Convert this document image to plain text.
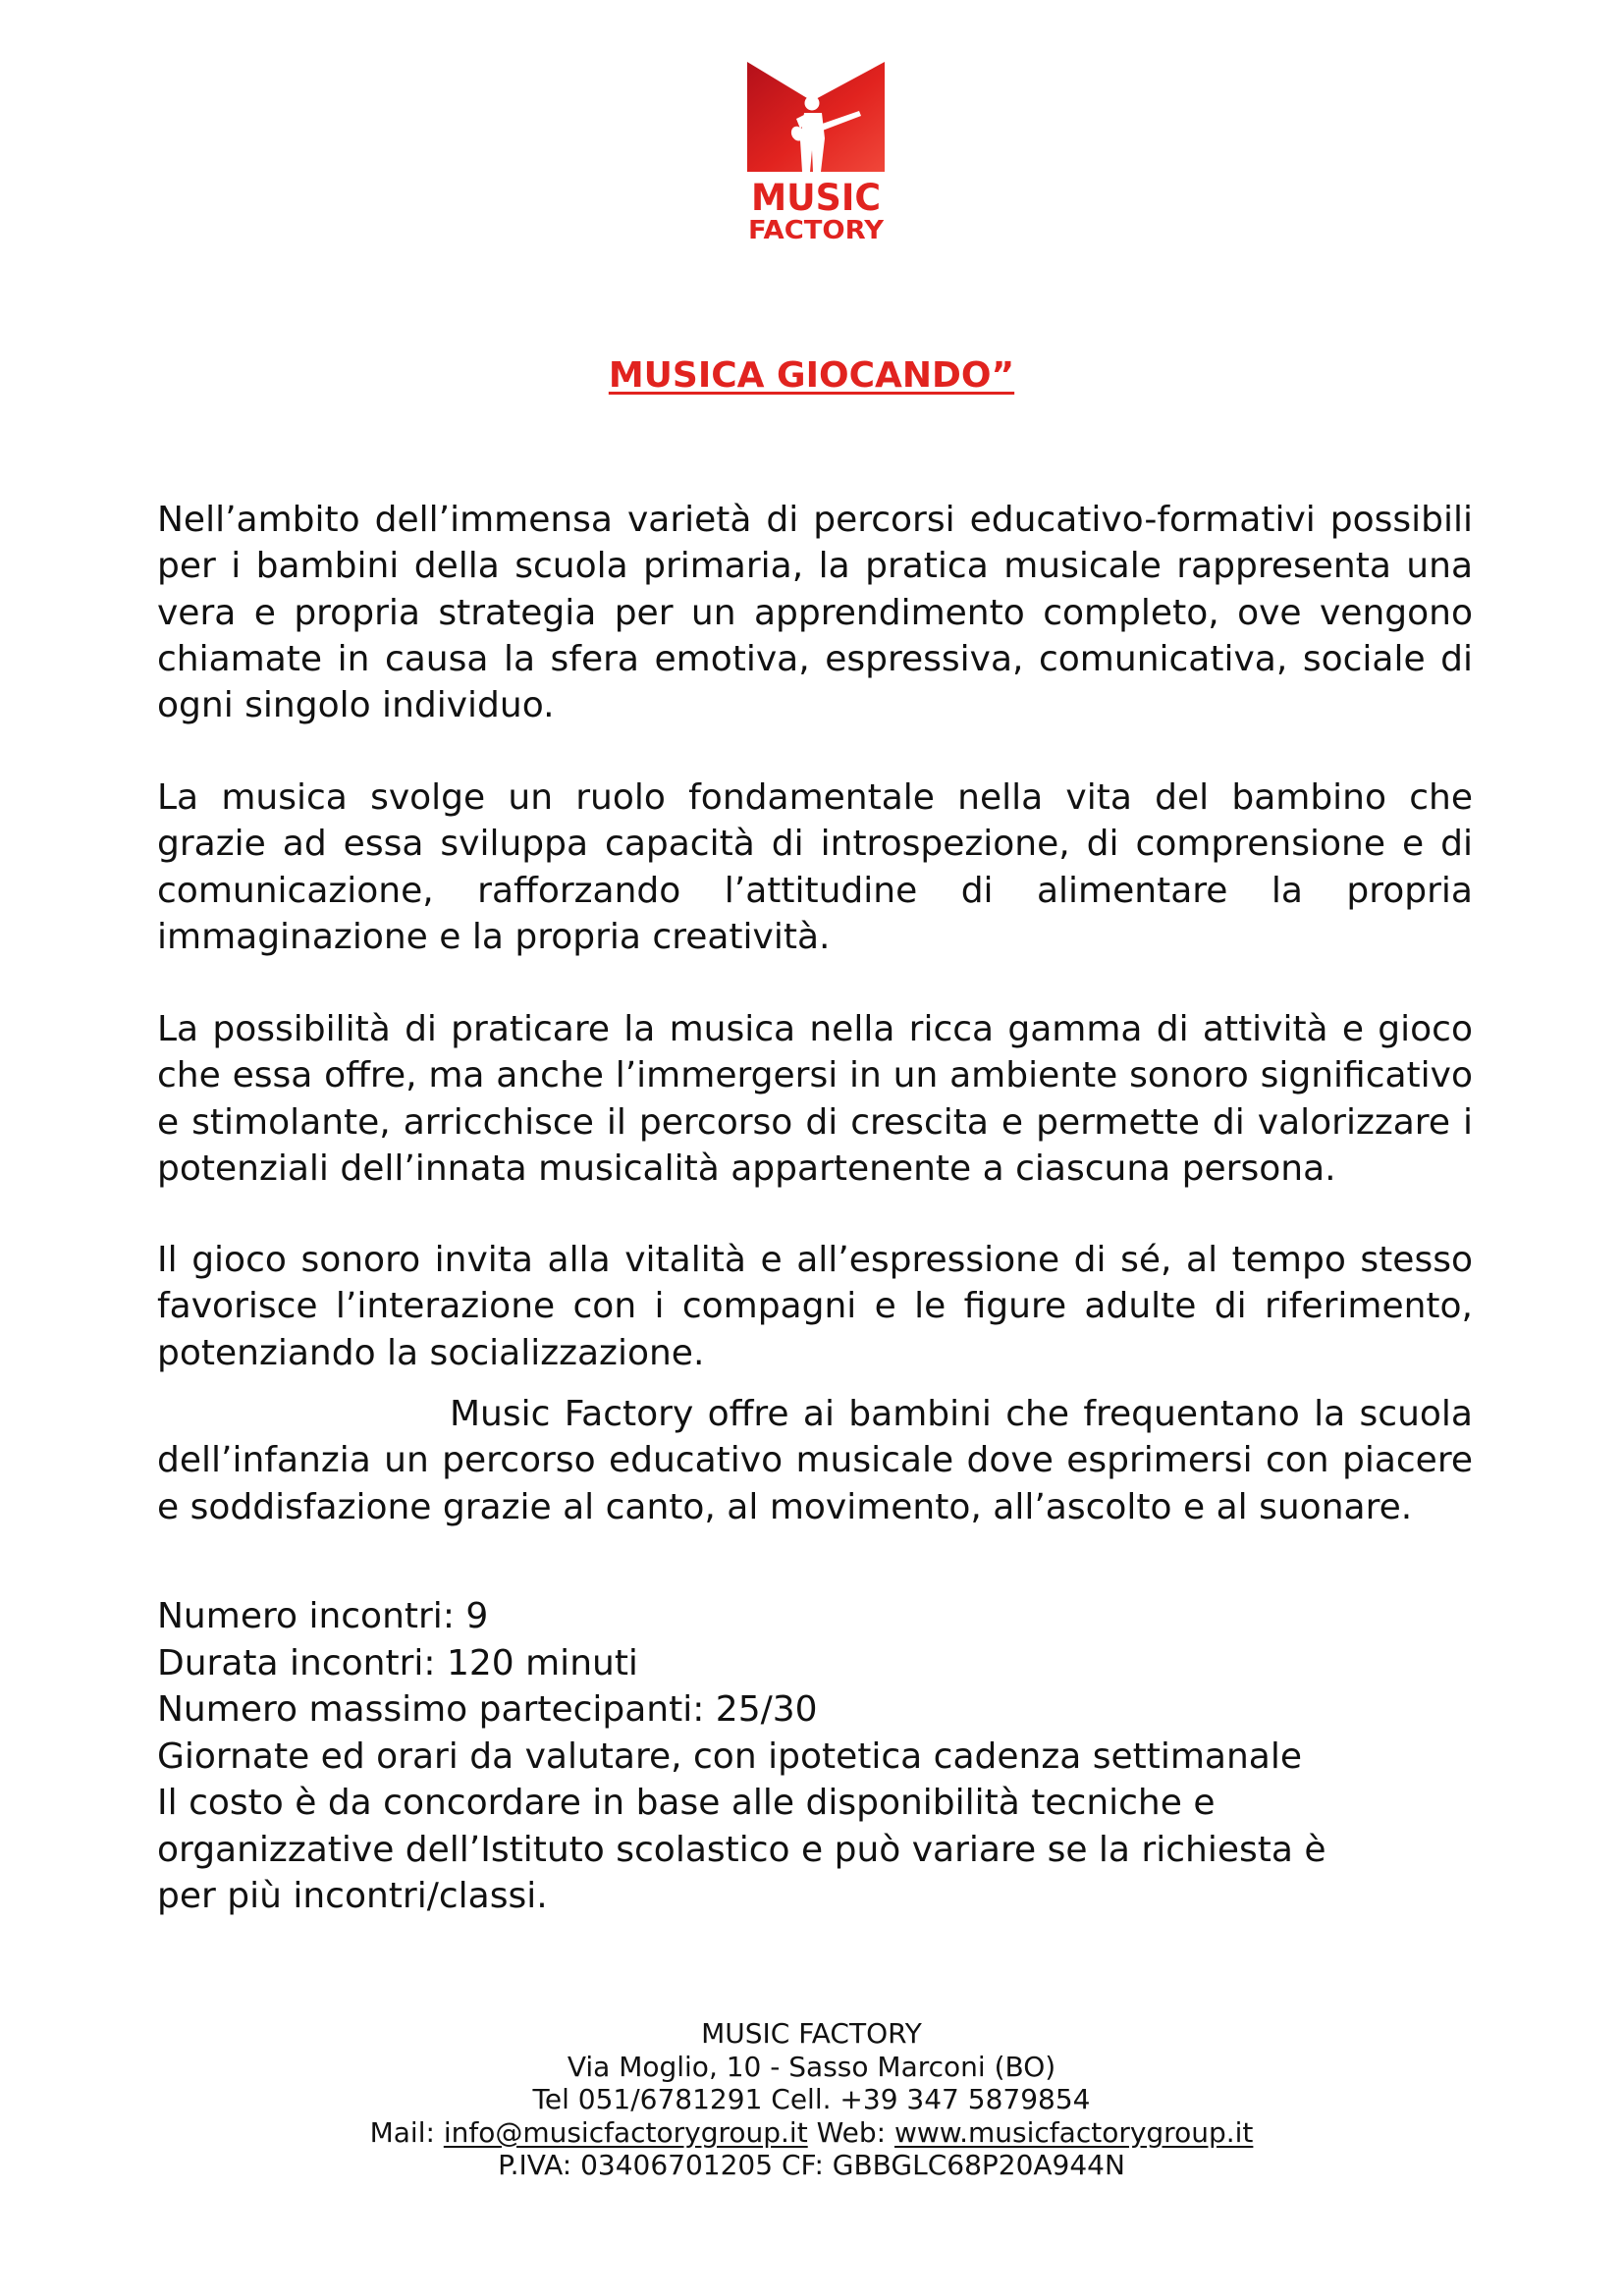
MUSIC
FACTORY
MUSICA GIOCANDO”

Nell’ambito dell’immensa varietà di percorsi educativo-formativi possibili per i bambini della scuola primaria, la pratica musicale rappresenta una vera e propria strategia per un apprendimento completo, ove vengono chiamate in causa la sfera emotiva, espressiva, comunicativa, sociale di ogni singolo individuo.

La musica svolge un ruolo fondamentale nella vita del bambino che grazie ad essa sviluppa capacità di introspezione, di comprensione e di comunicazione, rafforzando l’attitudine di alimentare la propria immaginazione e la propria creatività.

La possibilità di praticare la musica nella ricca gamma di attività e gioco che essa offre, ma anche l’immergersi in un ambiente sonoro significativo e stimolante, arricchisce il percorso di crescita e permette di valorizzare i potenziali dell’innata musicalità appartenente a ciascuna persona.

Il gioco sonoro invita alla vitalità e all’espressione di sé, al tempo stesso favorisce l’interazione con i compagni e le figure adulte di riferimento, potenziando la socializzazione.

Music Factory offre ai bambini che frequentano la scuola dell’infanzia un percorso educativo musicale dove esprimersi con piacere e soddisfazione grazie al canto, al movimento, all’ascolto e al suonare.

Numero incontri: 9
Durata incontri: 120 minuti
Numero massimo partecipanti: 25/30
Giornate ed orari da valutare, con ipotetica cadenza settimanale
Il costo è da concordare in base alle disponibilità tecniche e
organizzative dell’Istituto scolastico e può variare se la richiesta è
per più incontri/classi.
MUSIC FACTORY
Via Moglio, 10 - Sasso Marconi (BO)
Tel 051/6781291 Cell. +39 347 5879854
Mail: info@musicfactorygroup.it Web: www.musicfactorygroup.it
P.IVA: 03406701205 CF: GBBGLC68P20A944N
